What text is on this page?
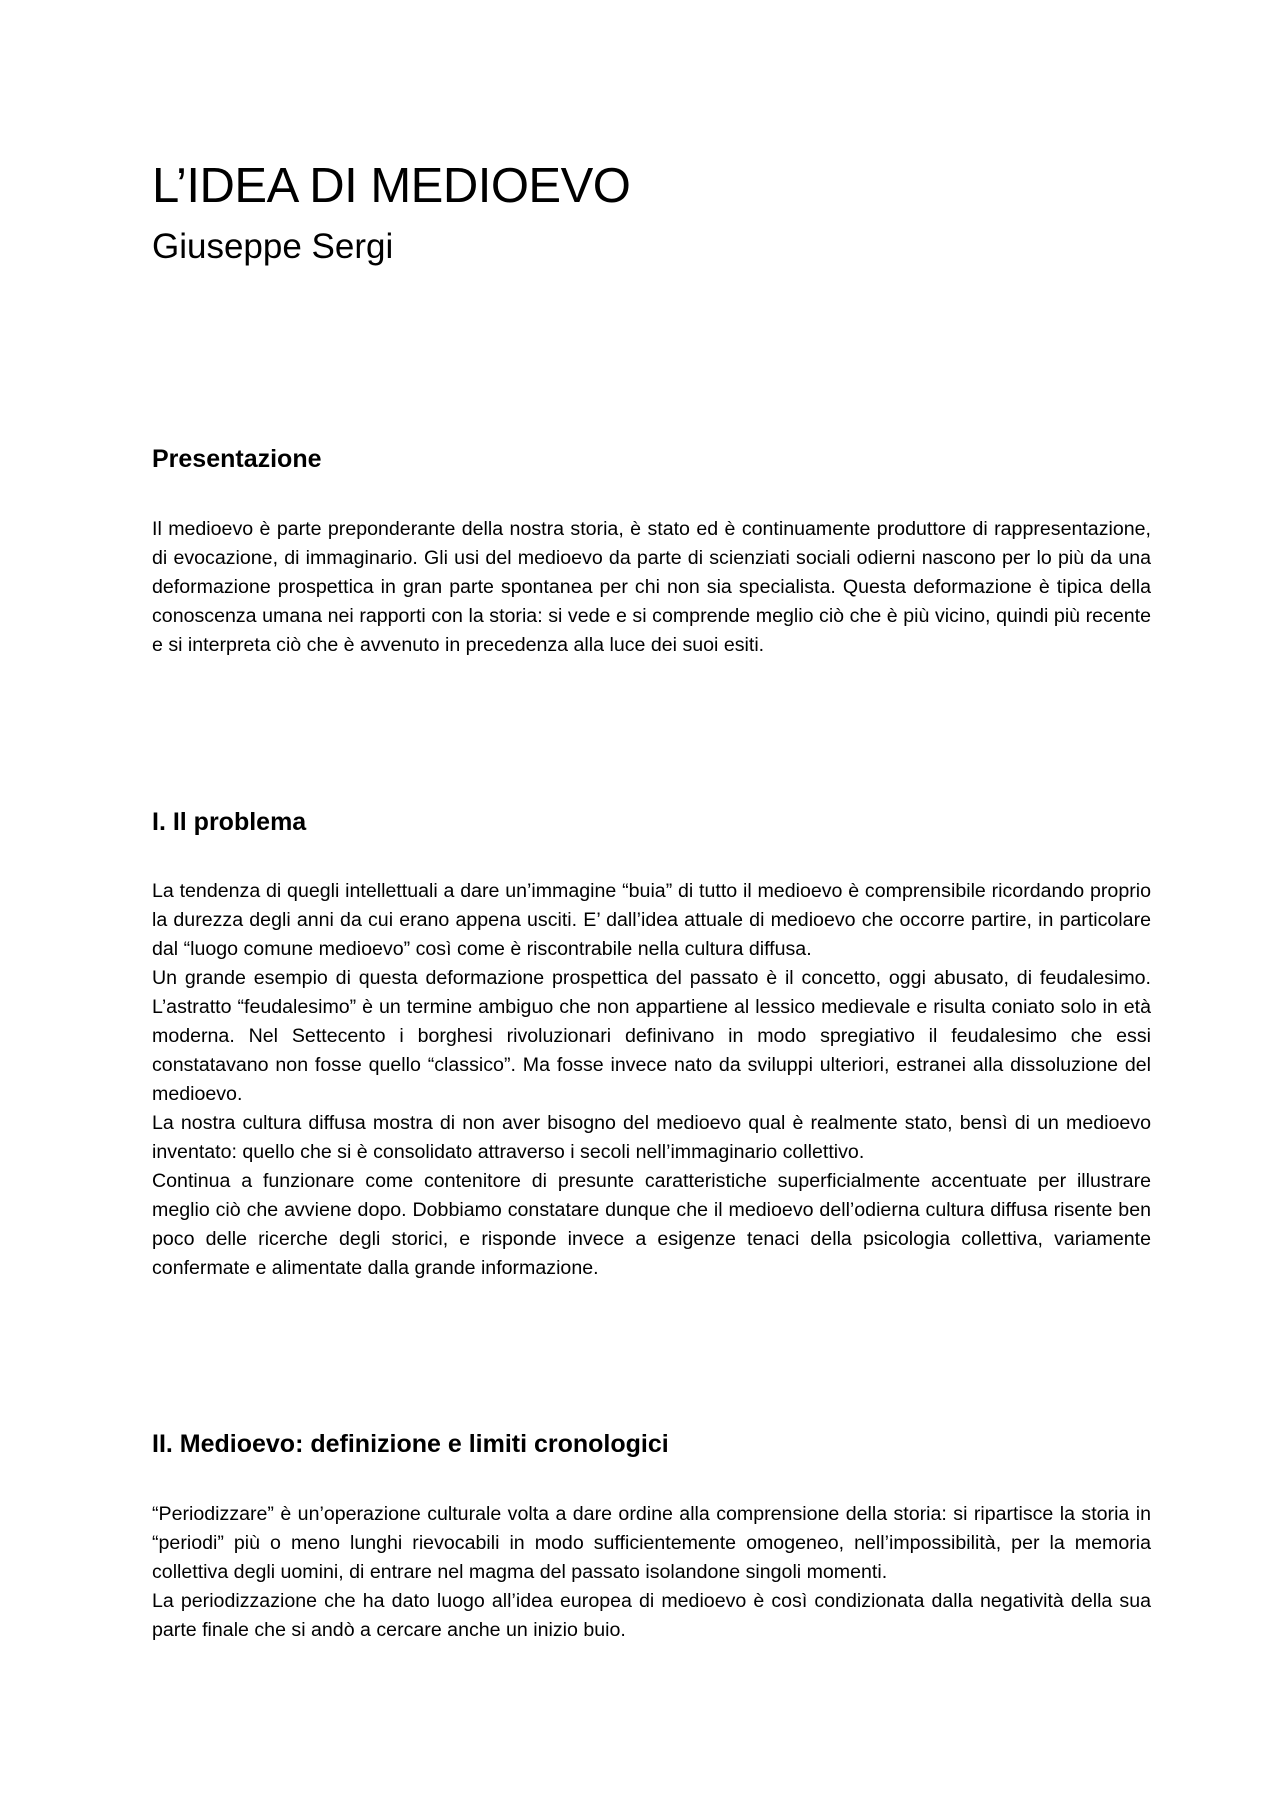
L’IDEA DI MEDIOEVO
Giuseppe Sergi
Presentazione

Il medioevo è parte preponderante della nostra storia, è stato ed è continuamente produttore di rappresentazione, di evocazione, di immaginario. Gli usi del medioevo da parte di scienziati sociali odierni nascono per lo più da una deformazione prospettica in gran parte spontanea per chi non sia specialista. Questa deformazione è tipica della conoscenza umana nei rapporti con la storia: si vede e si comprende meglio ciò che è più vicino, quindi più recente e si interpreta ciò che è avvenuto in precedenza alla luce dei suoi esiti.

I. Il problema

La tendenza di quegli intellettuali a dare un’immagine “buia” di tutto il medioevo è comprensibile ricordando proprio la durezza degli anni da cui erano appena usciti. E’ dall’idea attuale di medioevo che occorre partire, in particolare dal “luogo comune medioevo” così come è riscontrabile nella cultura diffusa.

Un grande esempio di questa deformazione prospettica del passato è il concetto, oggi abusato, di feudalesimo. L’astratto “feudalesimo” è un termine ambiguo che non appartiene al lessico medievale e risulta coniato solo in età moderna. Nel Settecento i borghesi rivoluzionari definivano in modo spregiativo il feudalesimo che essi constatavano non fosse quello “classico”. Ma fosse invece nato da sviluppi ulteriori, estranei alla dissoluzione del medioevo.

La nostra cultura diffusa mostra di non aver bisogno del medioevo qual è realmente stato, bensì di un medioevo inventato: quello che si è consolidato attraverso i secoli nell’immaginario collettivo.

Continua a funzionare come contenitore di presunte caratteristiche superficialmente accentuate per illustrare meglio ciò che avviene dopo. Dobbiamo constatare dunque che il medioevo dell’odierna cultura diffusa risente ben poco delle ricerche degli storici, e risponde invece a esigenze tenaci della psicologia collettiva, variamente confermate e alimentate dalla grande informazione.

II. Medioevo: definizione e limiti cronologici

“Periodizzare” è un’operazione culturale volta a dare ordine alla comprensione della storia: si ripartisce la storia in “periodi” più o meno lunghi rievocabili in modo sufficientemente omogeneo, nell’impossibilità, per la memoria collettiva degli uomini, di entrare nel magma del passato isolandone singoli momenti.

La periodizzazione che ha dato luogo all’idea europea di medioevo è così condizionata dalla negatività della sua parte finale che si andò a cercare anche un inizio buio.
